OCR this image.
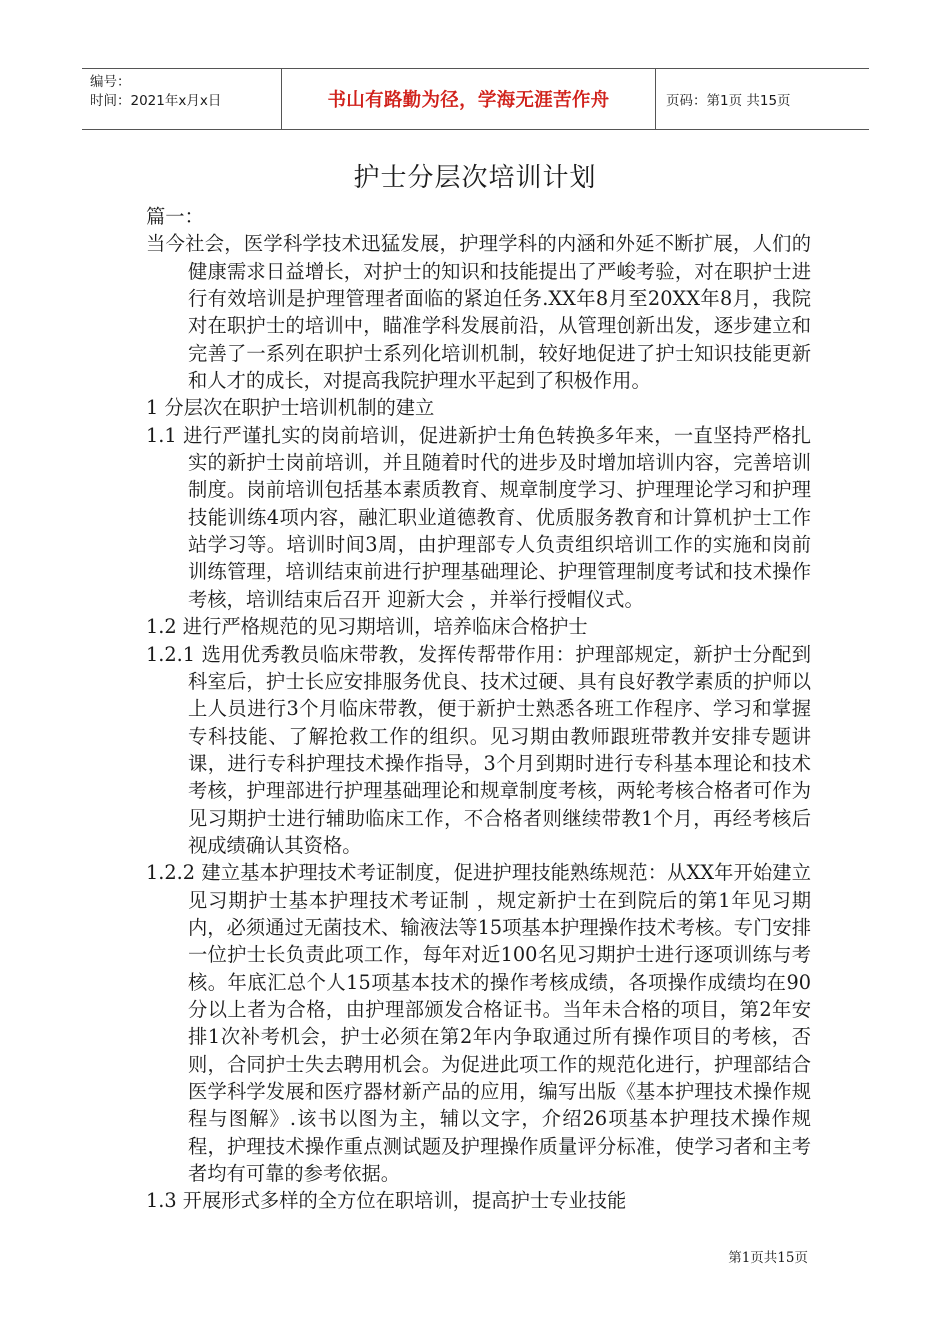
编号：
时间：2021年x月x日	书山有路勤为径，学海无涯苦作舟	页码：第1页 共15页
护士分层次培训计划

篇一：

当今社会，医学科学技术迅猛发展，护理学科的内涵和外延不断扩展，人们的健康需求日益增长，对护士的知识和技能提出了严峻考验，对在职护士进行有效培训是护理管理者面临的紧迫任务.XX年8月至20XX年8月，我院对在职护士的培训中，瞄准学科发展前沿，从管理创新出发，逐步建立和完善了一系列在职护士系列化培训机制，较好地促进了护士知识技能更新和人才的成长，对提高我院护理水平起到了积极作用。

1 分层次在职护士培训机制的建立

1.1 进行严谨扎实的岗前培训，促进新护士角色转换多年来，一直坚持严格扎实的新护士岗前培训，并且随着时代的进步及时增加培训内容，完善培训制度。岗前培训包括基本素质教育、规章制度学习、护理理论学习和护理技能训练4项内容，融汇职业道德教育、优质服务教育和计算机护士工作站学习等。培训时间3周，由护理部专人负责组织培训工作的实施和岗前训练管理，培训结束前进行护理基础理论、护理管理制度考试和技术操作考核，培训结束后召开 迎新大会 ，并举行授帽仪式。

1.2 进行严格规范的见习期培训，培养临床合格护士

1.2.1 选用优秀教员临床带教，发挥传帮带作用：护理部规定，新护士分配到科室后，护士长应安排服务优良、技术过硬、具有良好教学素质的护师以上人员进行3个月临床带教，便于新护士熟悉各班工作程序、学习和掌握专科技能、了解抢救工作的组织。见习期由教师跟班带教并安排专题讲课，进行专科护理技术操作指导，3个月到期时进行专科基本理论和技术考核，护理部进行护理基础理论和规章制度考核，两轮考核合格者可作为见习期护士进行辅助临床工作，不合格者则继续带教1个月，再经考核后视成绩确认其资格。

1.2.2 建立基本护理技术考证制度，促进护理技能熟练规范：从XX年开始建立 见习期护士基本护理技术考证制 ，规定新护士在到院后的第1年见习期内，必须通过无菌技术、输液法等15项基本护理操作技术考核。专门安排一位护士长负责此项工作，每年对近100名见习期护士进行逐项训练与考核。年底汇总个人15项基本技术的操作考核成绩，各项操作成绩均在90分以上者为合格，由护理部颁发合格证书。当年未合格的项目，第2年安排1次补考机会，护士必须在第2年内争取通过所有操作项目的考核，否则，合同护士失去聘用机会。为促进此项工作的规范化进行，护理部结合医学科学发展和医疗器材新产品的应用，编写出版《基本护理技术操作规程与图解》.该书以图为主，辅以文字，介绍26项基本护理技术操作规程，护理技术操作重点测试题及护理操作质量评分标准，使学习者和主考者均有可靠的参考依据。

1.3 开展形式多样的全方位在职培训，提高护士专业技能

第1页共15页
